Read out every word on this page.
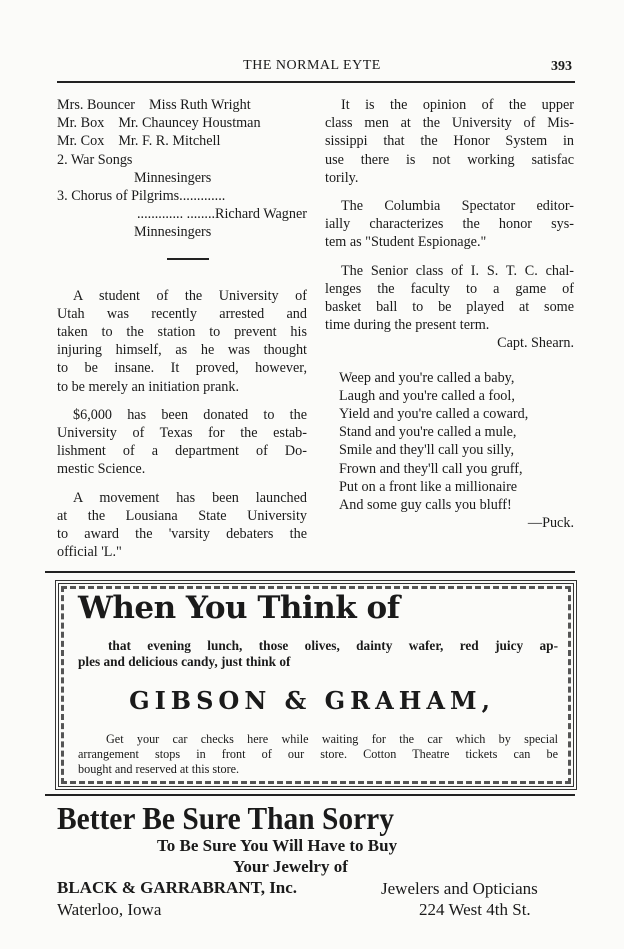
THE NORMAL EYTE	393
Mrs. Bouncer Miss Ruth Wright
Mr. Box Mr. Chauncey Houstman
Mr. Cox Mr. F. R. Mitchell
2. War Songs
Minnesingers
3. Chorus of Pilgrims.............
............. ........Richard Wagner
Minnesingers
A student of the University of
Utah was recently arrested and
taken to the station to prevent his
injuring himself, as he was thought
to be insane. It proved, however,
to be merely an initiation prank.
$6,000 has been donated to the
University of Texas for the estab-
lishment of a department of Do-
mestic Science.
A movement has been launched
at the Lousiana State University
to award the 'varsity debaters the
official 'L."
It is the opinion of the upper
class men at the University of Mis-
sissippi that the Honor System in
use there is not working satisfac
torily.
The Columbia Spectator editor-
ially characterizes the honor sys-
tem as "Student Espionage."
The Senior class of I. S. T. C. chal-
lenges the faculty to a game of
basket ball to be played at some
time during the present term.
Capt. Shearn.
Weep and you're called a baby,
Laugh and you're called a fool,
Yield and you're called a coward,
Stand and you're called a mule,
Smile and they'll call you silly,
Frown and they'll call you gruff,
Put on a front like a millionaire
And some guy calls you bluff!
—Puck.
When You Think of
that evening lunch, those olives, dainty wafer, red juicy ap-
ples and delicious candy, just think of
GIBSON & GRAHAM,
Get your car checks here while waiting for the car which by special
arrangement stops in front of our store. Cotton Theatre tickets can be
bought and reserved at this store.
Better Be Sure Than Sorry
To Be Sure You Will Have to Buy
Your Jewelry of
BLACK & GARRABRANT, Inc.	Jewelers and Opticians
Waterloo, Iowa	224 West 4th St.
